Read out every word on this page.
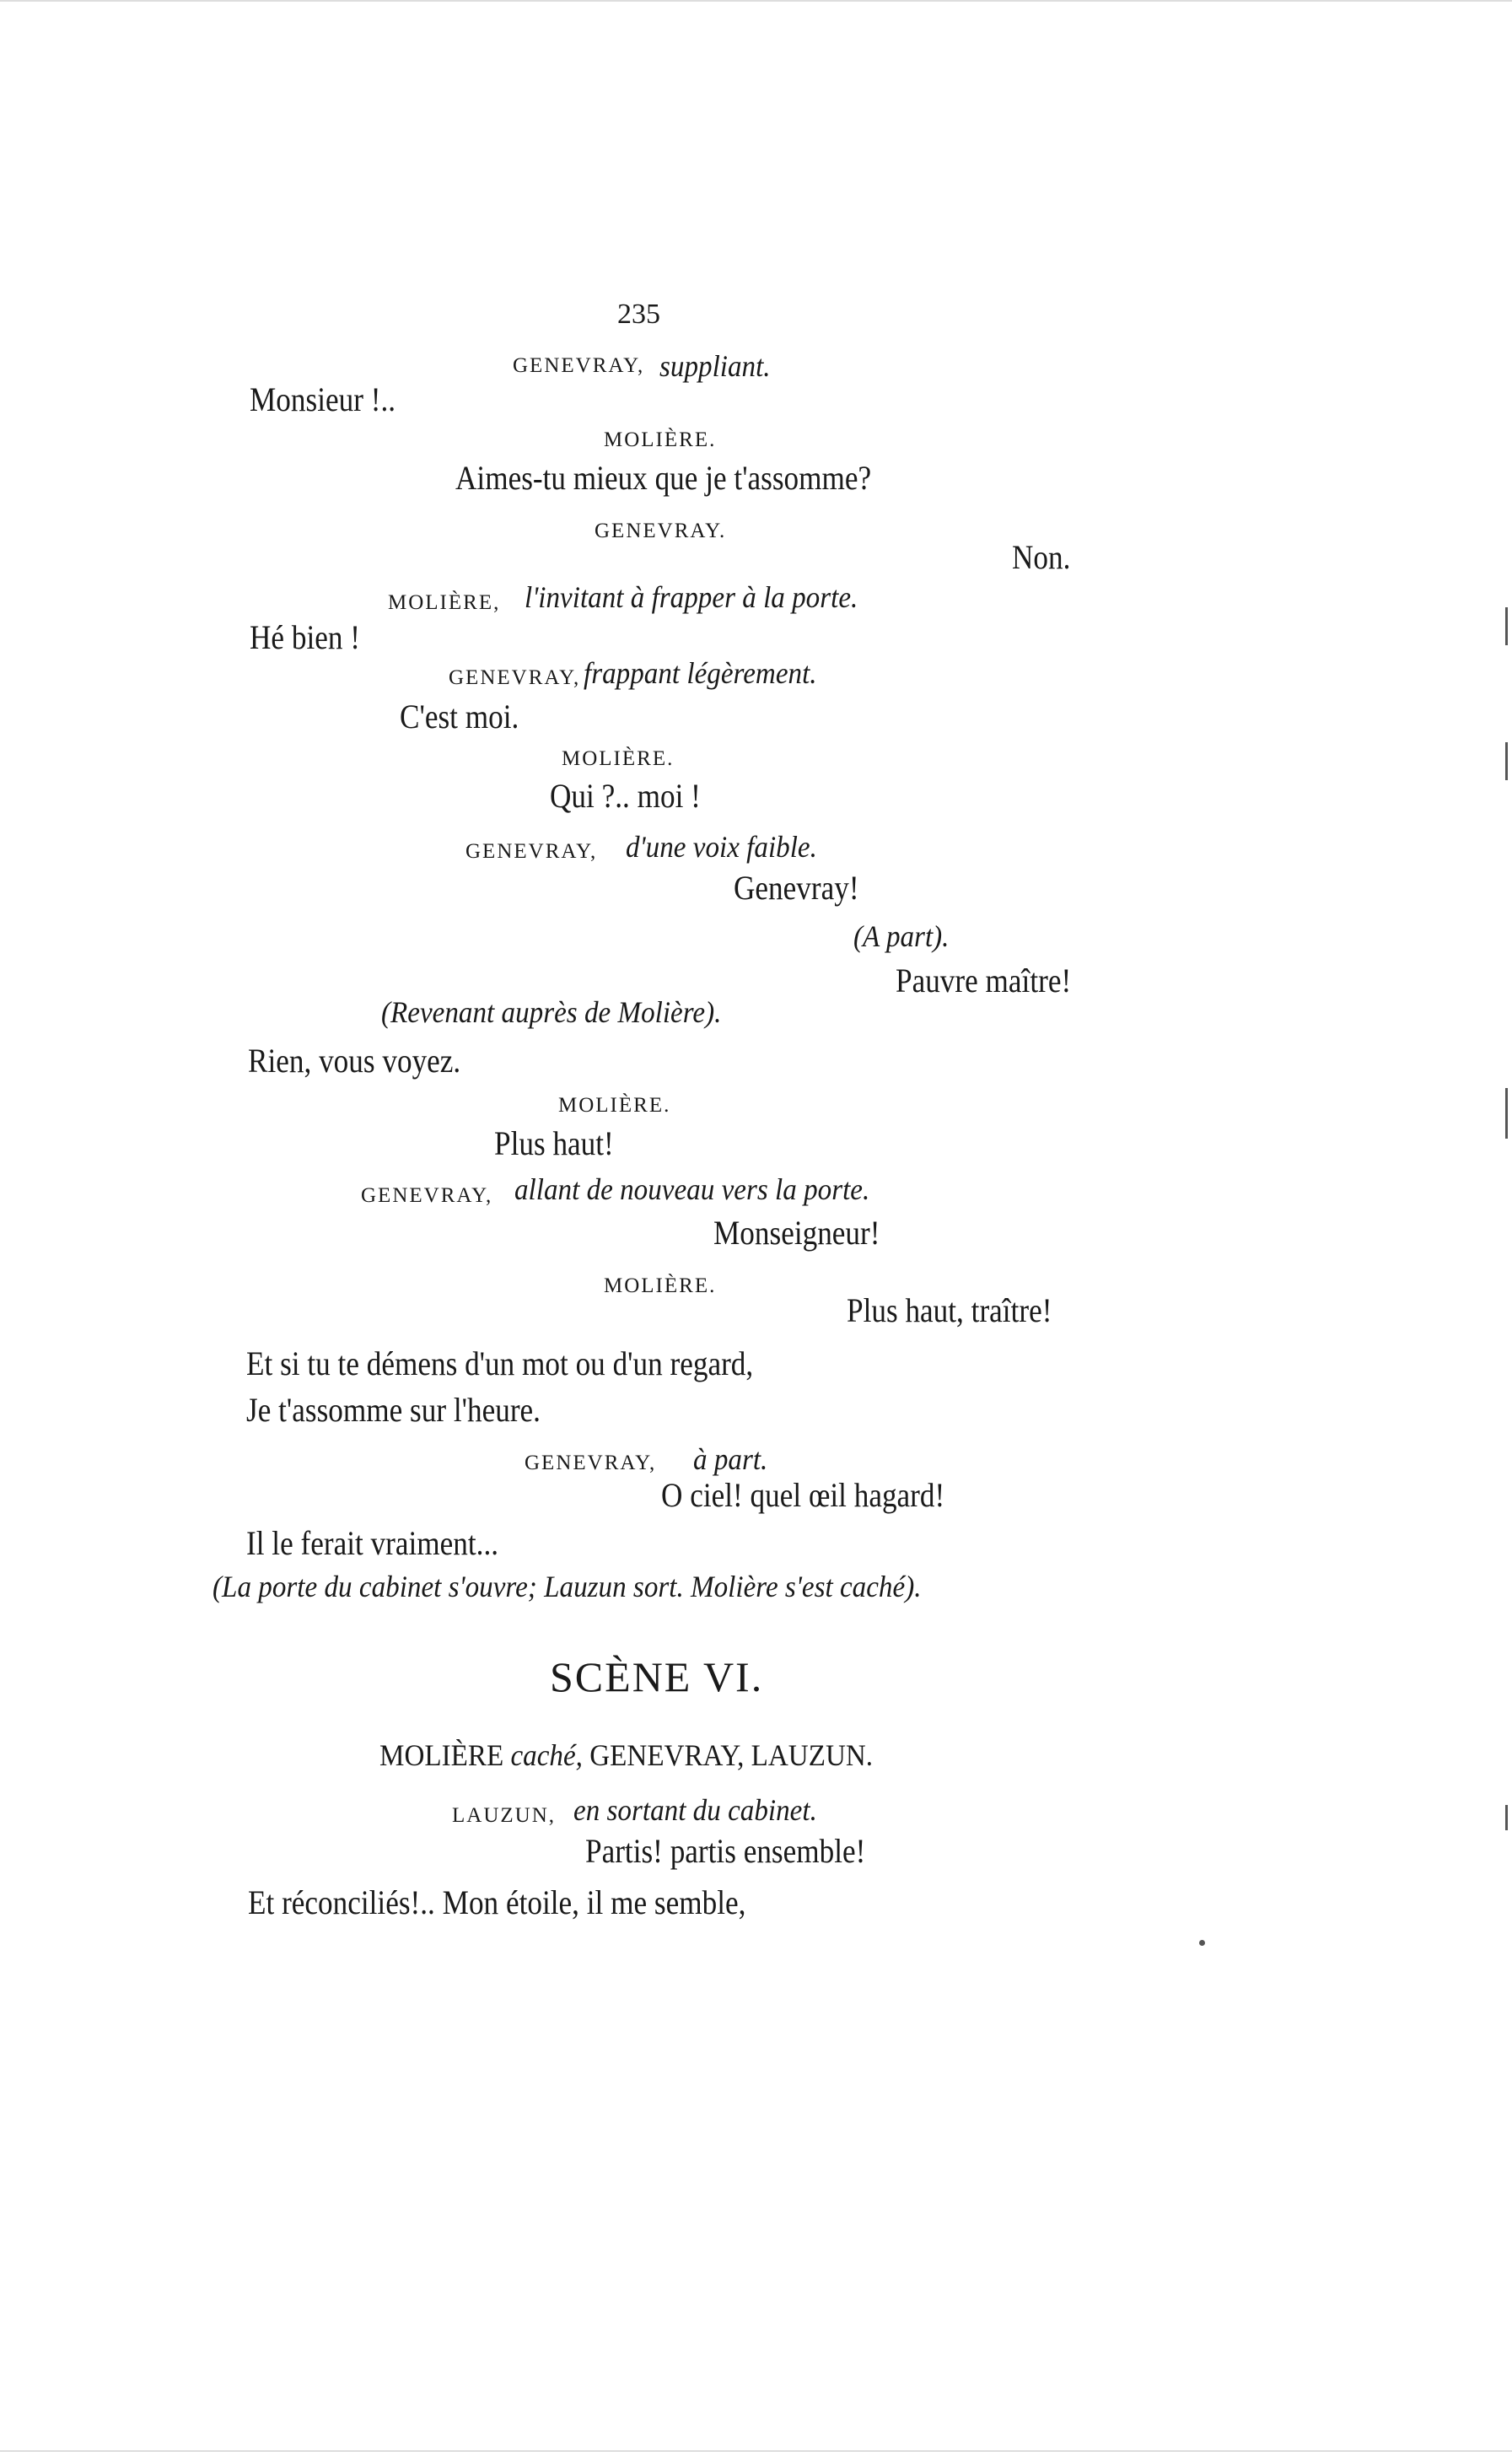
235
GENEVRAY, suppliant.
Monsieur !..
MOLIÈRE.
Aimes-tu mieux que je t'assomme?
GENEVRAY.
Non.
MOLIÈRE, l'invitant à frapper à la porte.
Hé bien !
GENEVRAY, frappant légèrement.
C'est moi.
MOLIÈRE.
Qui ?.. moi !
GENEVRAY, d'une voix faible.
Genevray!
(A part).
Pauvre maître!
(Revenant auprès de Molière).
Rien, vous voyez.
MOLIÈRE.
Plus haut!
GENEVRAY, allant de nouveau vers la porte.
Monseigneur!
MOLIÈRE.
Plus haut, traître!
Et si tu te démens d'un mot ou d'un regard,
Je t'assomme sur l'heure.
GENEVRAY, à part.
O ciel! quel œil hagard!
Il le ferait vraiment...
(La porte du cabinet s'ouvre; Lauzun sort. Molière s'est caché).
SCÈNE VI.
MOLIÈRE caché, GENEVRAY, LAUZUN.
LAUZUN, en sortant du cabinet.
Partis! partis ensemble!
Et réconciliés!.. Mon étoile, il me semble,
